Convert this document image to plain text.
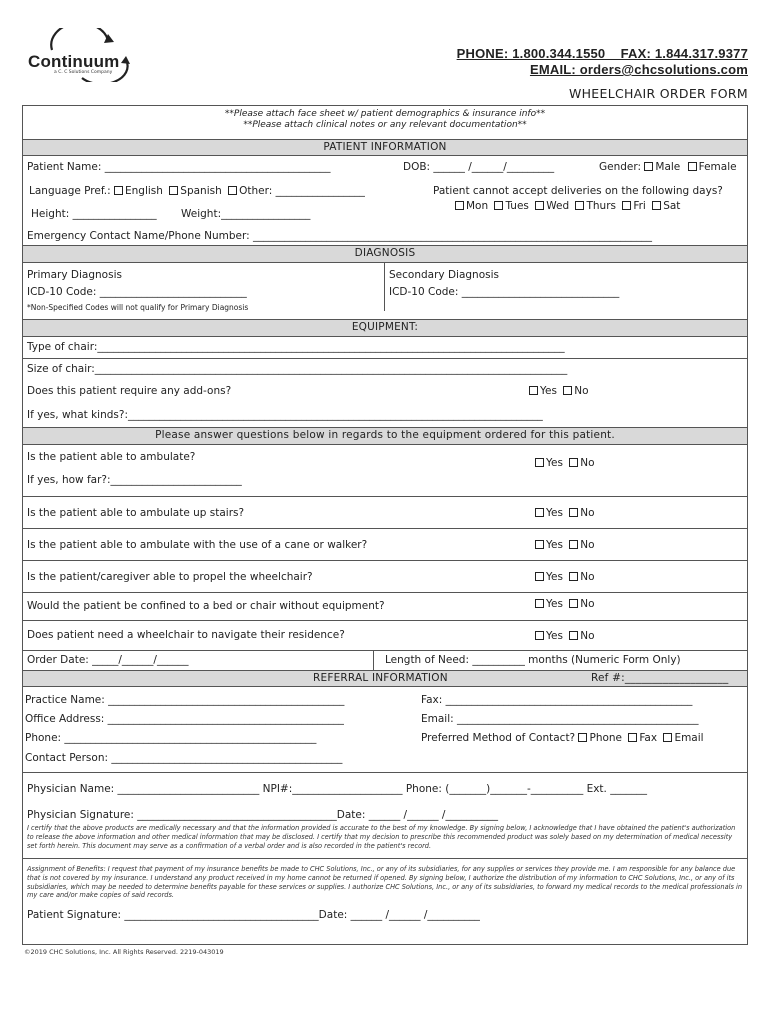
Continuum
a C. C Solutions Company
PHONE: 1.800.344.1550    FAX: 1.844.317.9377
EMAIL: orders@chcsolutions.com
WHEELCHAIR ORDER FORM
**Please attach face sheet w/ patient demographics & insurance info**
**Please attach clinical notes or any relevant documentation**
PATIENT INFORMATION
Patient Name: ___________________________________________	DOB: ______ /______/_________	Gender: Male Female
Language Pref.: English Spanish Other: _________________	Patient cannot accept deliveries on the following days?
Mon Tues Wed Thurs Fri Sat
Height: ________________ Weight:_________________
Emergency Contact Name/Phone Number: ____________________________________________________________________________
DIAGNOSIS
Primary Diagnosis
ICD-10 Code: ____________________________
*Non-Specified Codes will not qualify for Primary Diagnosis
Secondary Diagnosis
ICD-10 Code: ______________________________
EQUIPMENT:
Type of chair:_________________________________________________________________________________________
Size of chair:__________________________________________________________________________________________
Does this patient require any add-ons?	Yes No
If yes, what kinds?:_______________________________________________________________________________
Please answer questions below in regards to the equipment ordered for this patient.
Is the patient able to ambulate?
If yes, how far?:_________________________
Yes No
Is the patient able to ambulate up stairs?	Yes No
Is the patient able to ambulate with the use of a cane or walker?	Yes No
Is the patient/caregiver able to propel the wheelchair?	Yes No
Would the patient be confined to a bed or chair without equipment?	Yes No
Does patient need a wheelchair to navigate their residence?	Yes No
Order Date: _____/______/______	Length of Need: __________ months (Numeric Form Only)
REFERRAL INFORMATION	Ref #:___________________
Practice Name: _____________________________________________
Office Address: _____________________________________________
Phone: ________________________________________________
Contact Person: ____________________________________________
Fax: _______________________________________________
Email: ______________________________________________
Preferred Method of Contact? Phone Fax Email
Physician Name: ___________________________ NPI#:_____________________ Phone: (_______)_______-__________ Ext. _______
Physician Signature: ______________________________________Date: ______ /______ /__________
I certify that the above products are medically necessary and that the information provided is accurate to the best of my knowledge. By signing below, I acknowledge that I have obtained the patient's authorization to release the above information and other medical information that may be disclosed. I certify that my decision to prescribe this recommended product was solely based on my determination of medical necessity set forth herein. This document may serve as a confirmation of a verbal order and is also recorded in the patient's record.
Assignment of Benefits: I request that payment of my insurance benefits be made to CHC Solutions, Inc., or any of its subsidiaries, for any supplies or services they provide me. I am responsible for any balance due that is not covered by my insurance. I understand any product received in my home cannot be returned if opened. By signing below, I authorize the distribution of my information to CHC Solutions, Inc., or any of its subsidiaries, which may be needed to determine benefits payable for these services or supplies. I authorize CHC Solutions, Inc., or any of its subsidiaries, to forward my medical records to the medical professionals in my care and/or make copies of said records.
Patient Signature: _____________________________________Date: ______ /______ /__________
©2019 CHC Solutions, Inc. All Rights Reserved. 2219-043019
